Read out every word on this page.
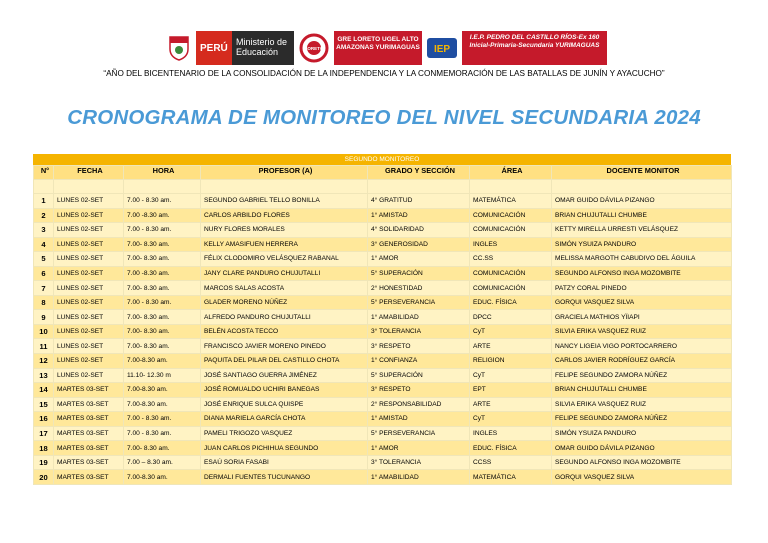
PERÚ
Ministerio de Educación	LORETO
GRE LORETO UGEL ALTO AMAZONAS YURIMAGUAS IEP
I.E.P. PEDRO DEL CASTILLO RÍOS-Ex 160 Inicial-Primaria-Secundaria YURIMAGUAS
“AÑO DEL BICENTENARIO DE LA CONSOLIDACIÓN DE LA INDEPENDENCIA Y LA CONMEMORACIÓN DE LAS BATALLAS DE JUNÍN Y AYACUCHO”
CRONOGRAMA DE MONITOREO DEL NIVEL SECUNDARIA 2024
SEGUNDO MONITOREO
N°	FECHA	HORA	PROFESOR (A)	GRADO Y SECCIÓN	ÁREA	DOCENTE MONITOR

1	LUNES 02-SET	7.00 - 8.30 am.	SEGUNDO GABRIEL TELLO BONILLA	4° GRATITUD	MATEMÁTICA	OMAR GUIDO DÁVILA PIZANGO
2	LUNES 02-SET	7.00 -8.30 am.	CARLOS ARBILDO FLORES	1° AMISTAD	COMUNICACIÓN	BRIAN CHUJUTALLI CHUMBE
3	LUNES 02-SET	7.00 - 8.30 am.	NURY FLORES MORALES	4° SOLIDARIDAD	COMUNICACIÓN	KETTY MIRELLA URRESTI VELÁSQUEZ
4	LUNES 02-SET	7.00- 8.30 am.	KELLY AMASIFUEN HERRERA	3° GENEROSIDAD	INGLES	SIMÓN YSUIZA PANDURO
5	LUNES 02-SET	7.00- 8.30 am.	FÉLIX CLODOMIRO VELÁSQUEZ RABANAL	1° AMOR	CC.SS	MELISSA MARGOTH CABUDIVO DEL ÁGUILA
6	LUNES 02-SET	7.00 -8.30 am.	JANY CLARE PANDURO CHUJUTALLI	5° SUPERACIÓN	COMUNICACIÓN	SEGUNDO ALFONSO INGA MOZOMBITE
7	LUNES 02-SET	7.00- 8.30 am.	MARCOS SALAS ACOSTA	2° HONESTIDAD	COMUNICACIÓN	PATZY CORAL PINEDO
8	LUNES 02-SET	7.00 - 8.30 am.	GLADER MORENO NÚÑEZ	5° PERSEVERANCIA	EDUC. FÍSICA	GORQUI VASQUEZ SILVA
9	LUNES 02-SET	7.00- 8.30 am.	ALFREDO PANDURO CHUJUTALLI	1° AMABILIDAD	DPCC	GRACIELA MATHIOS YÏIAPI
10	LUNES 02-SET	7.00- 8.30 am.	BELÉN ACOSTA TECCO	3° TOLERANCIA	CyT	SILVIA ERIKA VASQUEZ RUIZ
11	LUNES 02-SET	7.00- 8.30 am.	FRANCISCO JAVIER MORENO PINEDO	3° RESPETO	ARTE	NANCY LIGEIA VIGO PORTOCARRERO
12	LUNES 02-SET	7.00-8.30 am.	PAQUITA DEL PILAR DEL CASTILLO CHOTA	1° CONFIANZA	RELIGION	CARLOS JAVIER RODRÍGUEZ GARCÍA
13	LUNES 02-SET	11.10- 12.30 m	JOSÉ SANTIAGO GUERRA JIMÉNEZ	5° SUPERACIÓN	CyT	FELIPE SEGUNDO ZAMORA NÚÑEZ
14	MARTES 03-SET	7.00-8.30 am.	JOSÉ ROMUALDO UCHIRI BANEGAS	3° RESPETO	EPT	BRIAN CHUJUTALLI CHUMBE
15	MARTES 03-SET	7.00-8.30 am.	JOSÉ ENRIQUE SULCA QUISPE	2° RESPONSABILIDAD	ARTE	SILVIA ERIKA VASQUEZ RUIZ
16	MARTES 03-SET	7.00 - 8.30 am.	DIANA MARIELA GARCÍA CHOTA	1° AMISTAD	CyT	FELIPE SEGUNDO ZAMORA NÚÑEZ
17	MARTES 03-SET	7.00 - 8.30 am.	PAMELI TRIGOZO VASQUEZ	5° PERSEVERANCIA	INGLES	SIMÓN YSUIZA PANDURO
18	MARTES 03-SET	7.00- 8.30 am.	JUAN CARLOS PICHIHUA SEGUNDO	1° AMOR	EDUC. FÍSICA	OMAR GUIDO DÁVILA PIZANGO
19	MARTES 03-SET	7.00 – 8.30 am.	ESAÚ SORIA FASABI	3° TOLERANCIA	CCSS	SEGUNDO ALFONSO INGA MOZOMBITE
20	MARTES 03-SET	7.00-8.30 am.	DERMALI FUENTES TUCUNANGO	1° AMABILIDAD	MATEMÁTICA	GORQUI VASQUEZ SILVA
